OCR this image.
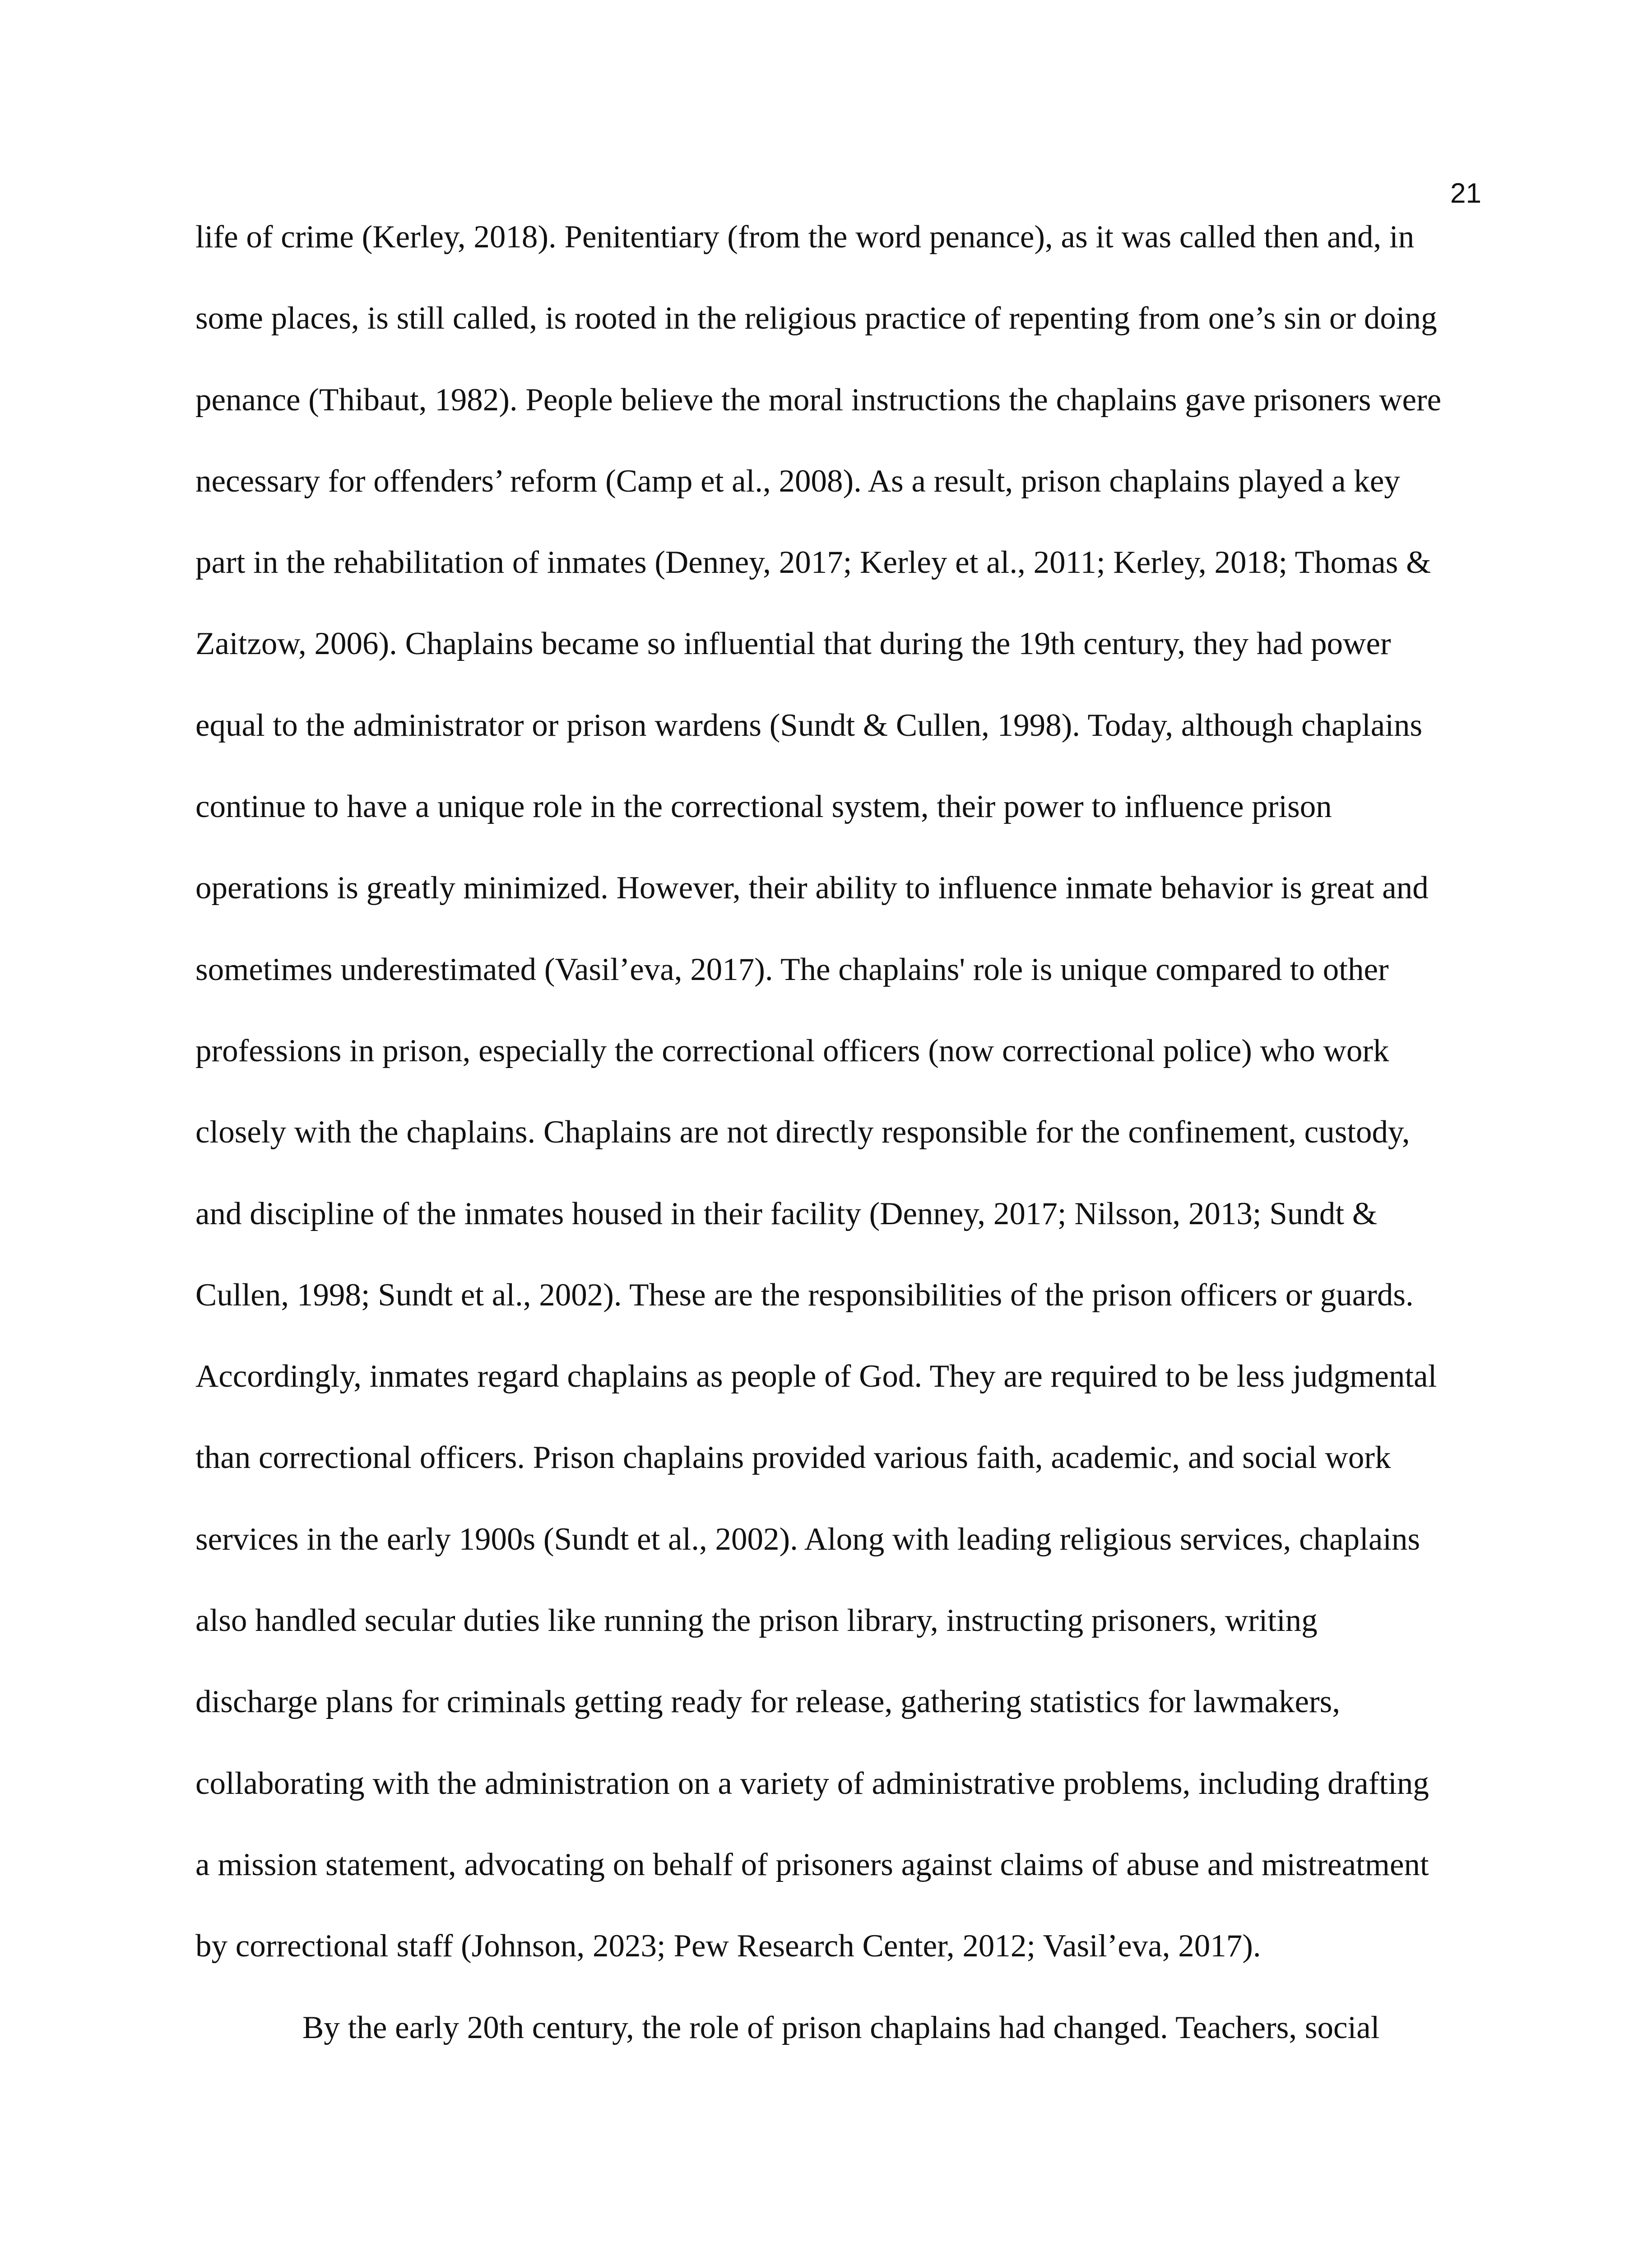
21
life of crime (Kerley, 2018). Penitentiary (from the word penance), as it was called then and, in
some places, is still called, is rooted in the religious practice of repenting from one’s sin or doing
penance (Thibaut, 1982). People believe the moral instructions the chaplains gave prisoners were
necessary for offenders’ reform (Camp et al., 2008). As a result, prison chaplains played a key
part in the rehabilitation of inmates (Denney, 2017; Kerley et al., 2011; Kerley, 2018; Thomas &
Zaitzow, 2006). Chaplains became so influential that during the 19th century, they had power
equal to the administrator or prison wardens (Sundt & Cullen, 1998). Today, although chaplains
continue to have a unique role in the correctional system, their power to influence prison
operations is greatly minimized. However, their ability to influence inmate behavior is great and
sometimes underestimated (Vasil’eva, 2017). The chaplains' role is unique compared to other
professions in prison, especially the correctional officers (now correctional police) who work
closely with the chaplains. Chaplains are not directly responsible for the confinement, custody,
and discipline of the inmates housed in their facility (Denney, 2017; Nilsson, 2013; Sundt &
Cullen, 1998; Sundt et al., 2002). These are the responsibilities of the prison officers or guards.
Accordingly, inmates regard chaplains as people of God. They are required to be less judgmental
than correctional officers. Prison chaplains provided various faith, academic, and social work
services in the early 1900s (Sundt et al., 2002). Along with leading religious services, chaplains
also handled secular duties like running the prison library, instructing prisoners, writing
discharge plans for criminals getting ready for release, gathering statistics for lawmakers,
collaborating with the administration on a variety of administrative problems, including drafting
a mission statement, advocating on behalf of prisoners against claims of abuse and mistreatment
by correctional staff (Johnson, 2023; Pew Research Center, 2012; Vasil’eva, 2017).
By the early 20th century, the role of prison chaplains had changed. Teachers, social
